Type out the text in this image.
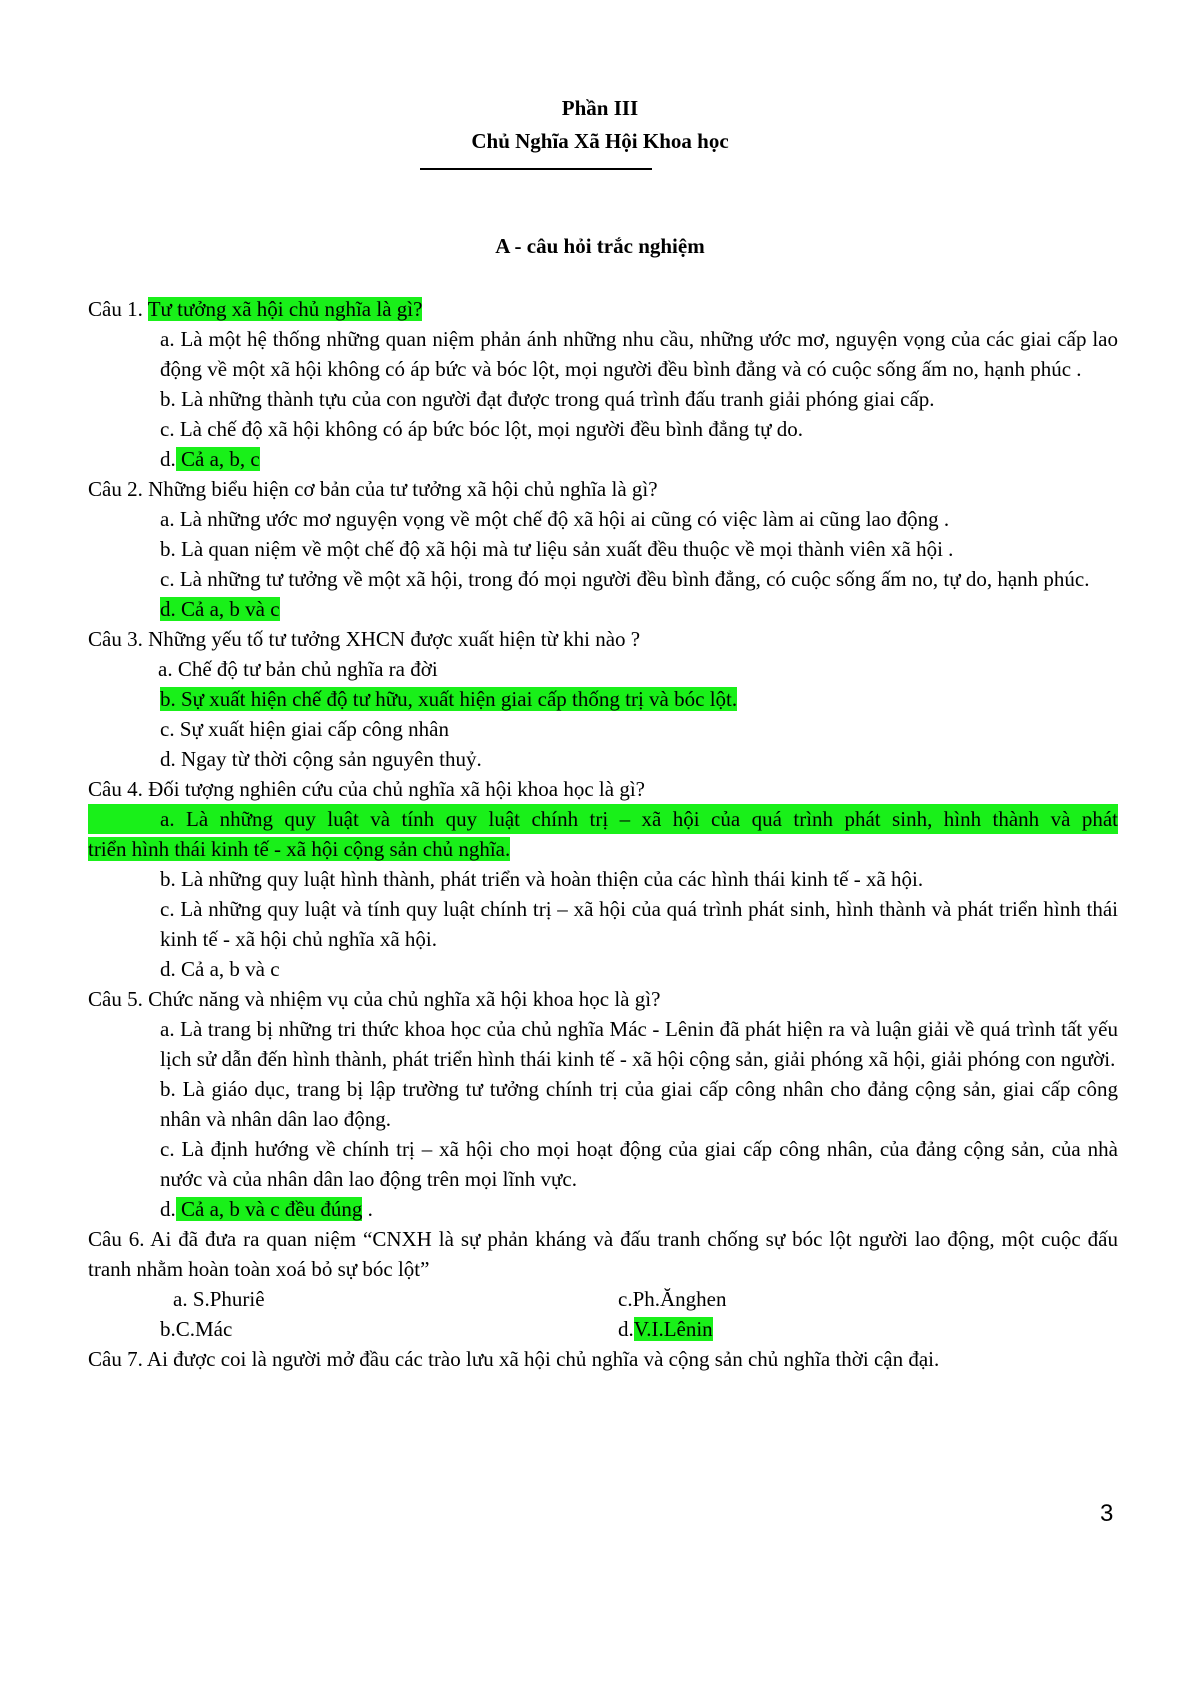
Phần III
Chủ Nghĩa Xã Hội Khoa học
A - câu hỏi trắc nghiệm

Câu 1. Tư tưởng xã hội chủ nghĩa là gì?

a. Là một hệ thống những quan niệm phản ánh những nhu cầu, những ước mơ, nguyện vọng của các giai cấp lao động về một xã hội không có áp bức và bóc lột, mọi người đều bình đẳng và có cuộc sống ấm no, hạnh phúc .

b. Là những thành tựu của con người đạt được trong quá trình đấu tranh giải phóng giai cấp.

c. Là chế độ xã hội không có áp bức bóc lột, mọi người đều bình đẳng tự do.

d. Cả a, b, c

Câu 2. Những biểu hiện cơ bản của tư tưởng xã hội chủ nghĩa là gì?

a. Là những ước mơ nguyện vọng về một chế độ xã hội ai cũng có việc làm ai cũng lao động .

b. Là quan niệm về một chế độ xã hội mà tư liệu sản xuất đều thuộc về mọi thành viên xã hội .

c. Là những tư tưởng về một xã hội, trong đó mọi người đều bình đẳng, có cuộc sống ấm no, tự do, hạnh phúc.

d. Cả a, b và c

Câu 3. Những yếu tố tư tưởng XHCN được xuất hiện từ khi nào ?

a. Chế độ tư bản chủ nghĩa ra đời

b. Sự xuất hiện chế độ tư hữu, xuất hiện giai cấp thống trị và bóc lột.

c. Sự xuất hiện giai cấp công nhân

d. Ngay từ thời cộng sản nguyên thuỷ.

Câu 4. Đối tượng nghiên cứu của chủ nghĩa xã hội khoa học là gì?

a. Là những quy luật và tính quy luật chính trị – xã hội của quá trình phát sinh, hình thành và phát
triển hình thái kinh tế - xã hội cộng sản chủ nghĩa.

b. Là những quy luật hình thành, phát triển và hoàn thiện của các hình thái kinh tế - xã hội.

c. Là những quy luật và tính quy luật chính trị – xã hội của quá trình phát sinh, hình thành và phát triển hình thái kinh tế - xã hội chủ nghĩa xã hội.

d. Cả a, b và c

Câu 5. Chức năng và nhiệm vụ của chủ nghĩa xã hội khoa học là gì?

a. Là trang bị những tri thức khoa học của chủ nghĩa Mác - Lênin đã phát hiện ra và luận giải về quá trình tất yếu lịch sử dẫn đến hình thành, phát triển hình thái kinh tế - xã hội cộng sản, giải phóng xã hội, giải phóng con người.

b. Là giáo dục, trang bị lập trường tư tưởng chính trị của giai cấp công nhân cho đảng cộng sản, giai cấp công nhân và nhân dân lao động.

c. Là định hướng về chính trị – xã hội cho mọi hoạt động của giai cấp công nhân, của đảng cộng sản, của nhà nước và của nhân dân lao động trên mọi lĩnh vực.

d. Cả a, b và c đều đúng .

Câu 6. Ai đã đưa ra quan niệm “CNXH là sự phản kháng và đấu tranh chống sự bóc lột người lao động, một cuộc đấu tranh nhằm hoàn toàn xoá bỏ sự bóc lột”

a. S.Phuriê	c.Ph.Ănghen
b.C.Mác	d.V.I.Lênin

Câu 7. Ai được coi là người mở đầu các trào lưu xã hội chủ nghĩa và cộng sản chủ nghĩa thời cận đại.

3
